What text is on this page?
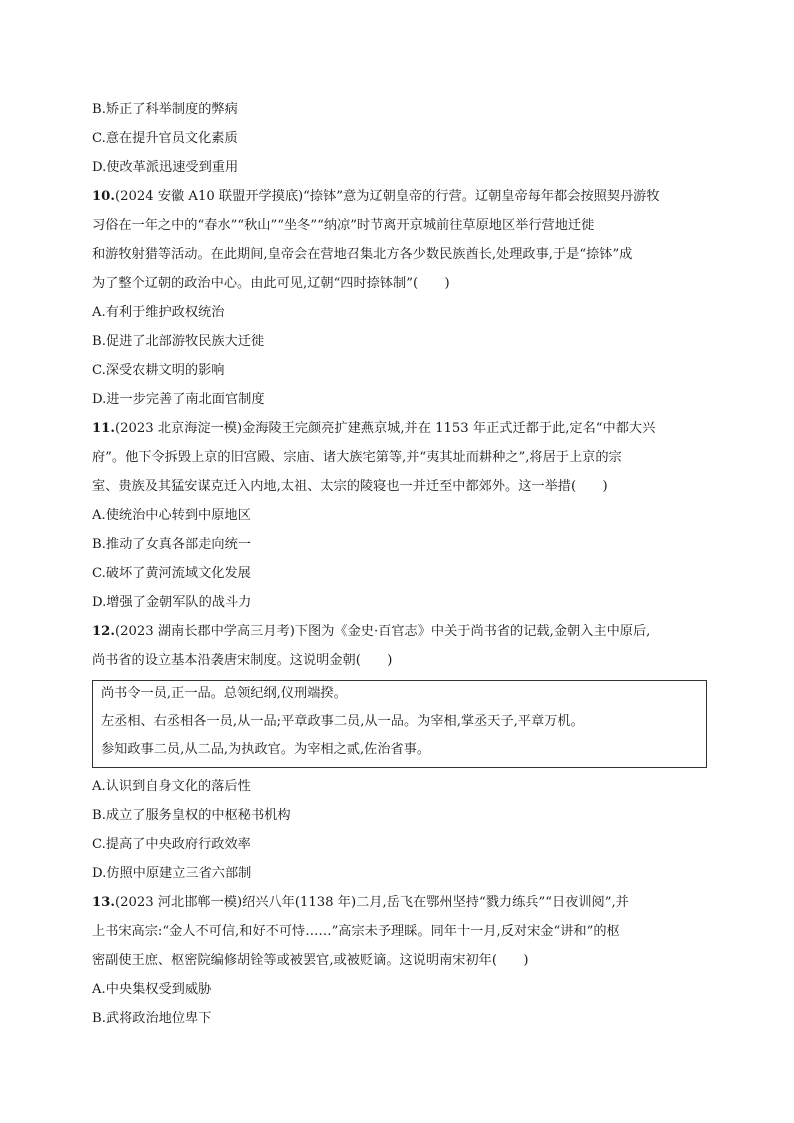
B.矫正了科举制度的弊病
C.意在提升官员文化素质
D.使改革派迅速受到重用
10.(2024 安徽 A10 联盟开学摸底)“捺钵”意为辽朝皇帝的行营。辽朝皇帝每年都会按照契丹游牧
习俗在一年之中的“春水”“秋山”“坐冬”“纳凉”时节离开京城前往草原地区举行营地迁徙
和游牧射猎等活动。在此期间,皇帝会在营地召集北方各少数民族酋长,处理政事,于是“捺钵”成
为了整个辽朝的政治中心。由此可见,辽朝“四时捺钵制”(　　)
A.有利于维护政权统治
B.促进了北部游牧民族大迁徙
C.深受农耕文明的影响
D.进一步完善了南北面官制度
11.(2023 北京海淀一模)金海陵王完颜亮扩建燕京城,并在 1153 年正式迁都于此,定名“中都大兴
府”。他下令拆毁上京的旧宫殿、宗庙、诸大族宅第等,并“夷其址而耕种之”,将居于上京的宗
室、贵族及其猛安谋克迁入内地,太祖、太宗的陵寝也一并迁至中都郊外。这一举措(　　)
A.使统治中心转到中原地区
B.推动了女真各部走向统一
C.破坏了黄河流域文化发展
D.增强了金朝军队的战斗力
12.(2023 湖南长郡中学高三月考)下图为《金史·百官志》中关于尚书省的记载,金朝入主中原后,
尚书省的设立基本沿袭唐宋制度。这说明金朝(　　)
尚书令一员,正一品。总领纪纲,仪刑端揆。
左丞相、右丞相各一员,从一品;平章政事二员,从一品。为宰相,掌丞天子,平章万机。
参知政事二员,从二品,为执政官。为宰相之贰,佐治省事。
A.认识到自身文化的落后性
B.成立了服务皇权的中枢秘书机构
C.提高了中央政府行政效率
D.仿照中原建立三省六部制
13.(2023 河北邯郸一模)绍兴八年(1138 年)二月,岳飞在鄂州坚持“戮力练兵”“日夜训阅”,并
上书宋高宗:“金人不可信,和好不可恃……”高宗未予理睬。同年十一月,反对宋金“讲和”的枢
密副使王庶、枢密院编修胡铨等或被罢官,或被贬谪。这说明南宋初年(　　)
A.中央集权受到威胁
B.武将政治地位卑下
